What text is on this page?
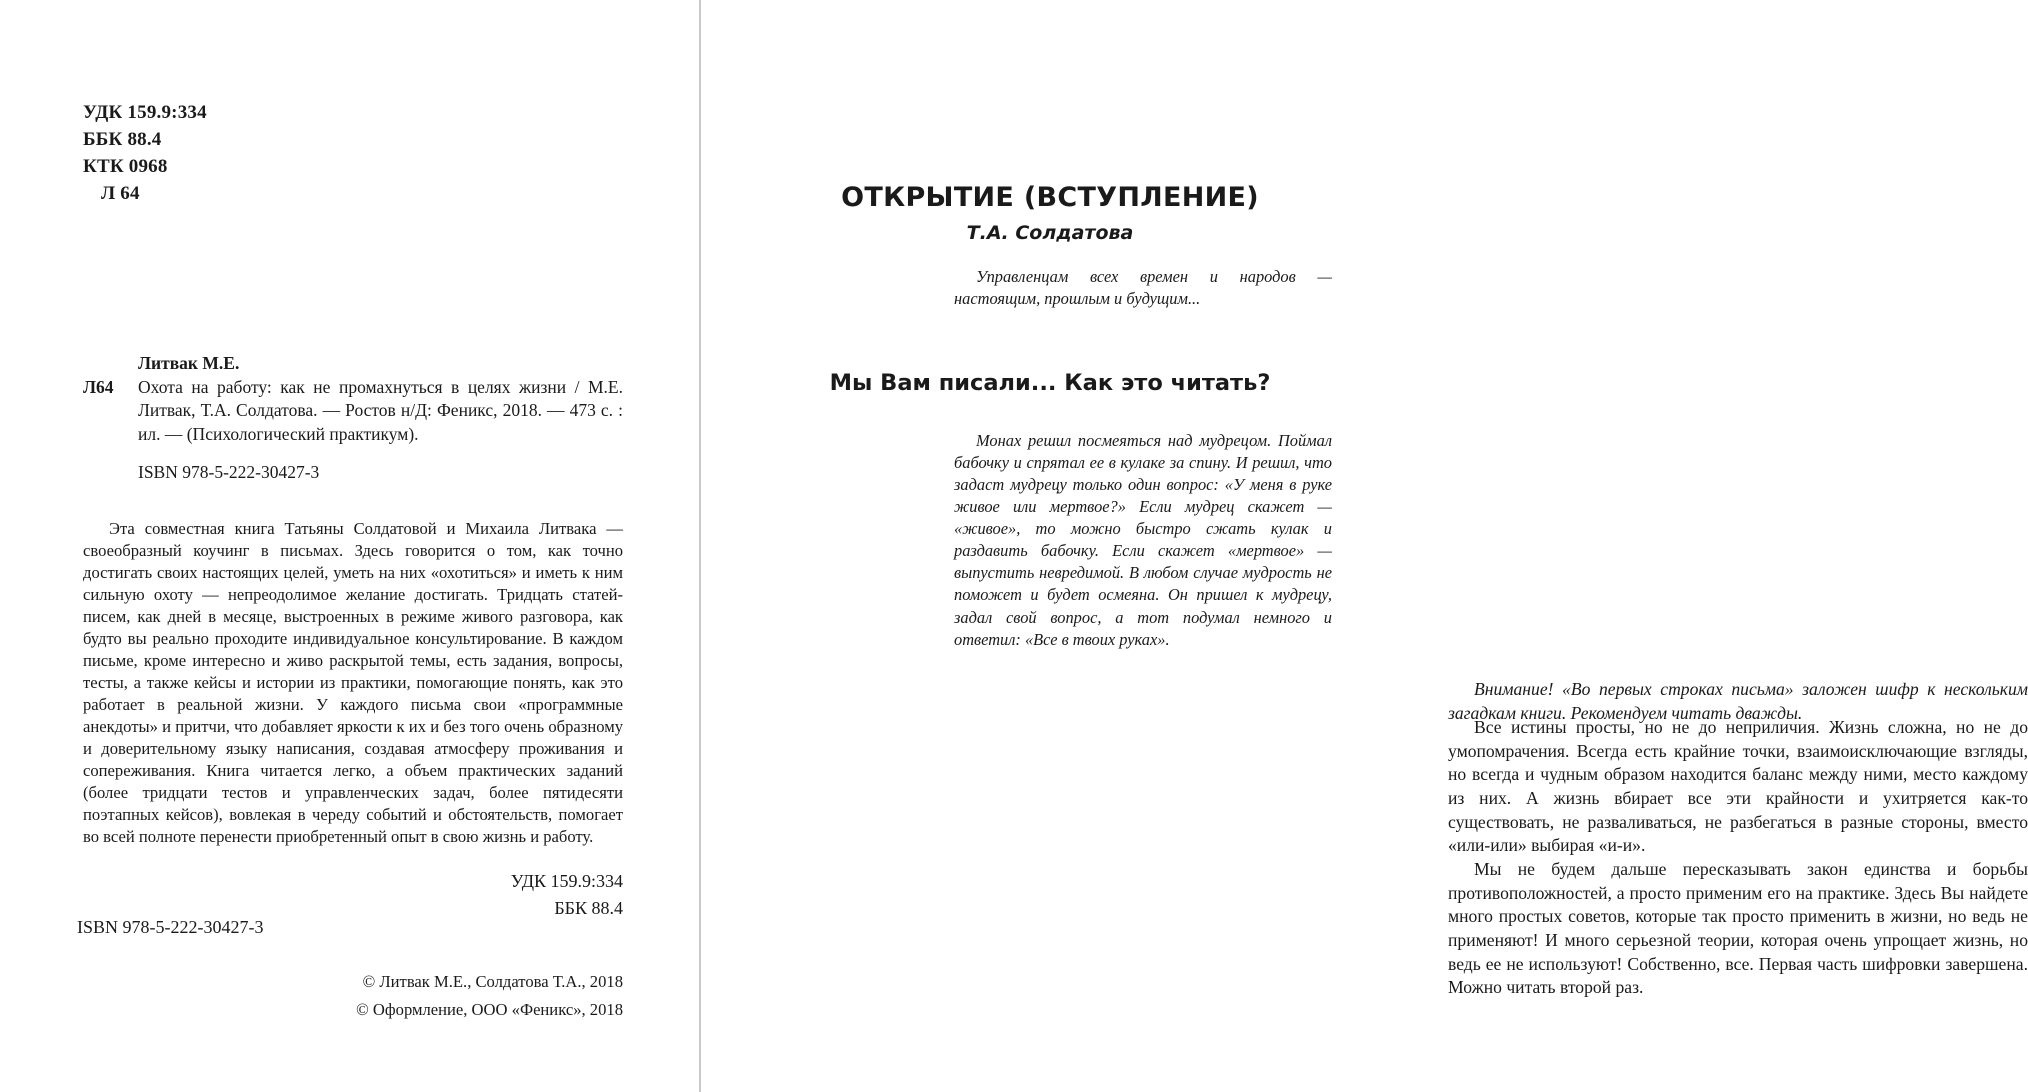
УДК 159.9:334
ББК 88.4
КТК 0968
Л 64
Литвак М.Е.
Л64 Охота на работу: как не промахнуться в целях жизни / М.Е. Литвак, Т.А. Солдатова. — Ростов н/Д: Феникс, 2018. — 473 с. : ил. — (Психологический практикум).
ISBN 978-5-222-30427-3
Эта совместная книга Татьяны Солдатовой и Михаила Литвака — своеобразный коучинг в письмах. Здесь говорится о том, как точно достигать своих настоящих целей, уметь на них «охотиться» и иметь к ним сильную охоту — непреодолимое желание достигать. Тридцать статей-писем, как дней в месяце, выстроенных в режиме живого разговора, как будто вы реально проходите индивидуальное консультирование. В каждом письме, кроме интересно и живо раскрытой темы, есть задания, вопросы, тесты, а также кейсы и истории из практики, помогающие понять, как это работает в реальной жизни. У каждого письма свои «программные анекдоты» и притчи, что добавляет яркости к их и без того очень образному и доверительному языку написания, создавая атмосферу проживания и сопереживания. Книга читается легко, а объем практических заданий (более тридцати тестов и управленческих задач, более пятидесяти поэтапных кейсов), вовлекая в череду событий и обстоятельств, помогает во всей полноте перенести приобретенный опыт в свою жизнь и работу.
УДК 159.9:334
ББК 88.4
ISBN 978-5-222-30427-3
© Литвак М.Е., Солдатова Т.А., 2018
© Оформление, ООО «Феникс», 2018
ОТКРЫТИЕ (ВСТУПЛЕНИЕ)
Т.А. Солдатова
Управленцам всех времен и народов — настоящим, прошлым и будущим...
Мы Вам писали... Как это читать?
Монах решил посмеяться над мудрецом. Поймал бабочку и спрятал ее в кулаке за спину. И решил, что задаст мудрецу только один вопрос: «У меня в руке живое или мертвое?» Если мудрец скажет — «живое», то можно быстро сжать кулак и раздавить бабочку. Если скажет «мертвое» — выпустить невредимой. В любом случае мудрость не поможет и будет осмеяна. Он пришел к мудрецу, задал свой вопрос, а тот подумал немного и ответил: «Все в твоих руках».
Внимание! «Во первых строках письма» заложен шифр к нескольким загадкам книги. Рекомендуем читать дважды.

Все истины просты, но не до неприличия. Жизнь сложна, но не до умопомрачения. Всегда есть крайние точки, взаимоисключающие взгляды, но всегда и чудным образом находится баланс между ними, место каждому из них. А жизнь вбирает все эти крайности и ухитряется как-то существовать, не разваливаться, не разбегаться в разные стороны, вместо «или-или» выбирая «и-и».

Мы не будем дальше пересказывать закон единства и борьбы противоположностей, а просто применим его на практике. Здесь Вы найдете много простых советов, которые так просто применить в жизни, но ведь не применяют! И много серьезной теории, которая очень упрощает жизнь, но ведь ее не используют! Собственно, все. Первая часть шифровки завершена. Можно читать второй раз.
